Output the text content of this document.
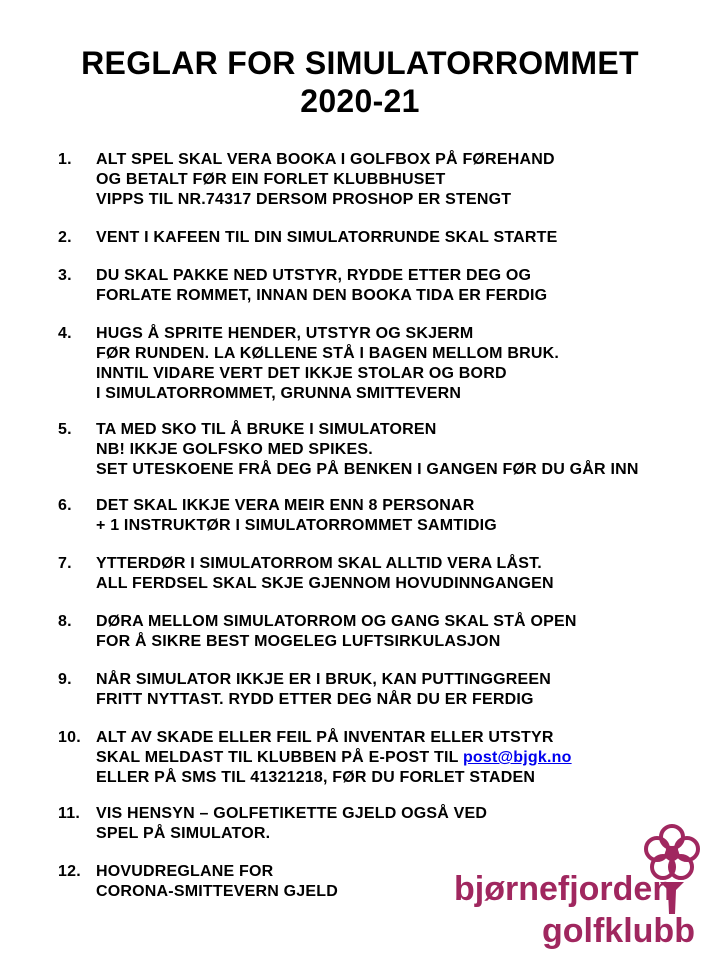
REGLAR FOR SIMULATORROMMET
2020-21
1.	ALT SPEL SKAL VERA BOOKA I GOLFBOX PÅ FØREHAND
OG BETALT FØR EIN FORLET KLUBBHUSET
VIPPS TIL NR.74317 DERSOM PROSHOP ER STENGT
2.	VENT I KAFEEN TIL DIN SIMULATORRUNDE SKAL STARTE
3.	DU SKAL PAKKE NED UTSTYR, RYDDE ETTER DEG OG
FORLATE ROMMET, INNAN DEN BOOKA TIDA ER FERDIG
4.	HUGS Å SPRITE HENDER, UTSTYR OG SKJERM
FØR RUNDEN. LA KØLLENE STÅ I BAGEN MELLOM BRUK.
INNTIL VIDARE VERT DET IKKJE STOLAR OG BORD
I SIMULATORROMMET, GRUNNA SMITTEVERN
5.	TA MED SKO TIL Å BRUKE I SIMULATOREN
NB! IKKJE GOLFSKO MED SPIKES.
SET UTESKOENE FRÅ DEG PÅ BENKEN I GANGEN FØR DU GÅR INN
6.	DET SKAL IKKJE VERA MEIR ENN 8 PERSONAR
+ 1 INSTRUKTØR I SIMULATORROMMET SAMTIDIG
7.	YTTERDØR I SIMULATORROM SKAL ALLTID VERA LÅST.
ALL FERDSEL SKAL SKJE GJENNOM HOVUDINNGANGEN
8.	DØRA MELLOM SIMULATORROM OG GANG SKAL STÅ OPEN
FOR Å SIKRE BEST MOGELEG LUFTSIRKULASJON
9.	NÅR SIMULATOR IKKJE ER I BRUK, KAN PUTTINGGREEN
FRITT NYTTAST. RYDD ETTER DEG NÅR DU ER FERDIG
10. ALT AV SKADE ELLER FEIL PÅ INVENTAR ELLER UTSTYR
SKAL MELDAST TIL KLUBBEN PÅ E-POST TIL post@bjgk.no
ELLER PÅ SMS TIL 41321218, FØR DU FORLET STADEN
11.	VIS HENSYN – GOLFETIKETTE GJELD OGSÅ VED
SPEL PÅ SIMULATOR.
12. HOVUDREGLANE FOR
CORONA-SMITTEVERN GJELD	bjørnefjorden
golfklubb
